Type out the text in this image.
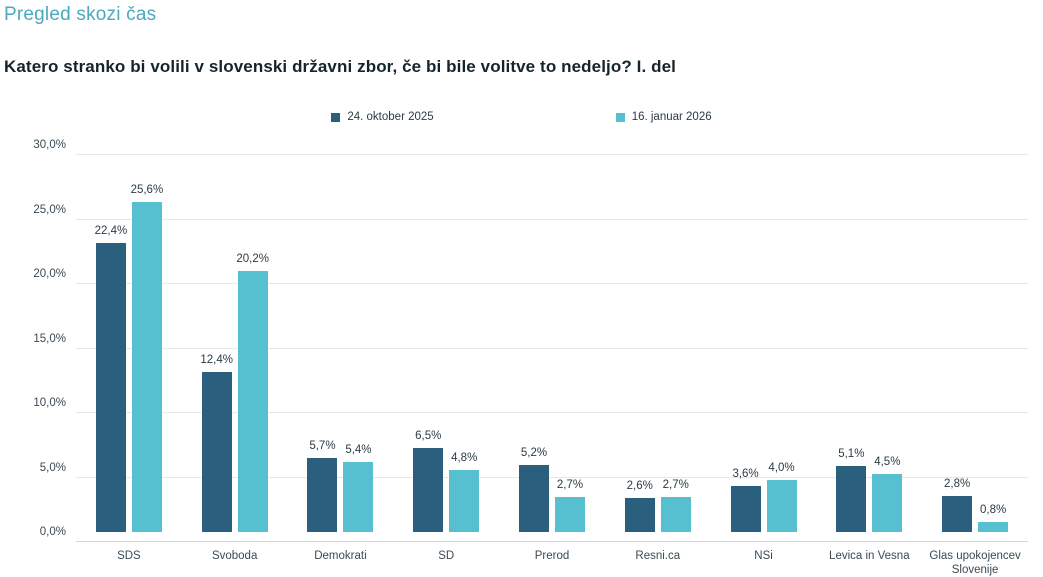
Pregled skozi čas
Katero stranko bi volili v slovenski državni zbor, če bi bile volitve to nedeljo? I. del
24. oktober 2025	16. januar 2026
0,0%
5,0%
10,0%
15,0%
20,0%
25,0%
30,0%
22,4%
25,6%
SDS
12,4%
20,2%
Svoboda
5,7% 5,4%
Demokrati
6,5%
4,8%
SD
5,2%
2,7%
Prerod
2,6% 2,7%
Resni.ca
3,6% 4,0%
NSi
5,1%
4,5%
Levica in Vesna
2,8%
0,8%
Glas upokojencev Slovenije
